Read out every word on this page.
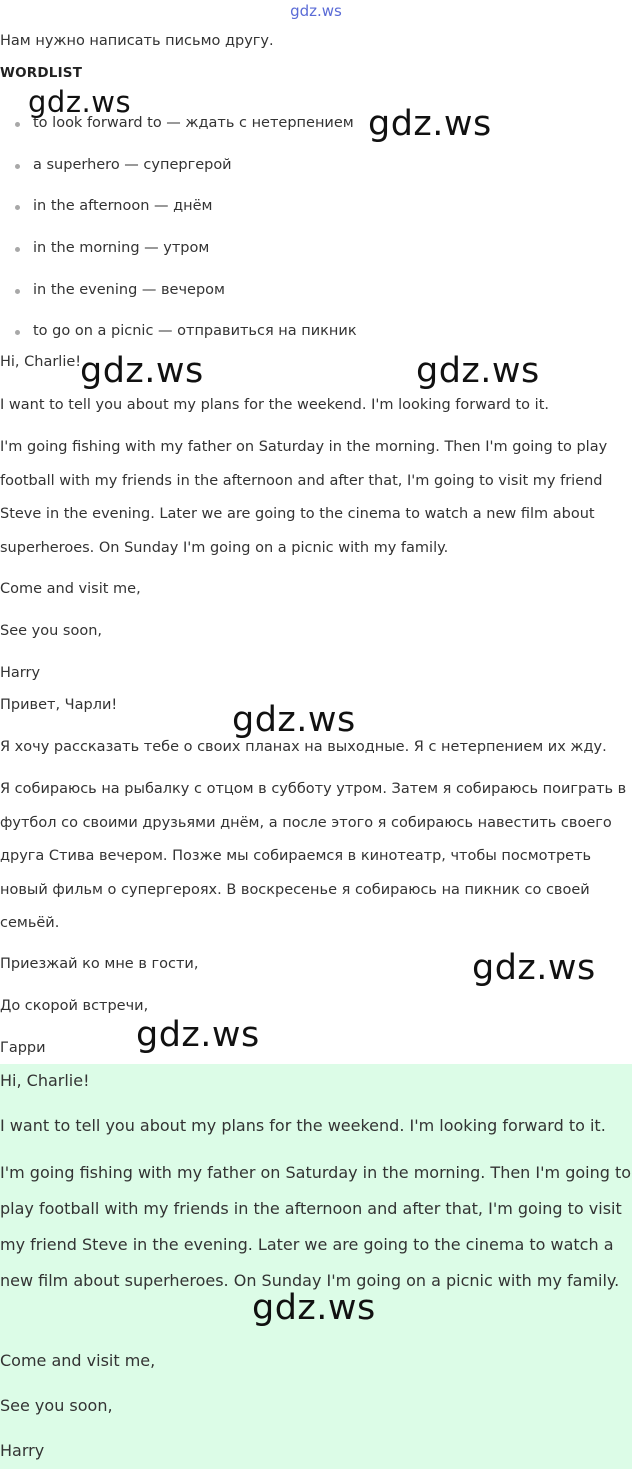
gdz.ws
Нам нужно написать письмо другу.
WORDLIST
to look forward to — ждать с нетерпением
a superhero — супергерой
in the afternoon — днём
in the morning — утром
in the evening — вечером
to go on a picnic — отправиться на пикник

Hi, Charlie!

I want to tell you about my plans for the weekend. I'm looking forward to it.

I'm going fishing with my father on Saturday in the morning. Then I'm going to play football with my friends in the afternoon and after that, I'm going to visit my friend Steve in the evening. Later we are going to the cinema to watch a new film about superheroes. On Sunday I'm going on a picnic with my family.

Come and visit me,

See you soon,

Harry

Привет, Чарли!

Я хочу рассказать тебе о своих планах на выходные. Я с нетерпением их жду.

Я собираюсь на рыбалку с отцом в субботу утром. Затем я собираюсь поиграть в футбол со своими друзьями днём, а после этого я собираюсь навестить своего друга Стива вечером. Позже мы собираемся в кинотеатр, чтобы посмотреть новый фильм о супергероях. В воскресенье я собираюсь на пикник со своей семьёй.

Приезжай ко мне в гости,

До скорой встречи,

Гарри

Hi, Charlie!

I want to tell you about my plans for the weekend. I'm looking forward to it.

I'm going fishing with my father on Saturday in the morning. Then I'm going to play football with my friends in the afternoon and after that, I'm going to visit my friend Steve in the evening. Later we are going to the cinema to watch a new film about superheroes. On Sunday I'm going on a picnic with my family.

Come and visit me,

See you soon,

Harry

gdz.ws
gdz.ws
gdz.ws	gdz.ws
gdz.ws
gdz.ws
gdz.ws
gdz.ws
